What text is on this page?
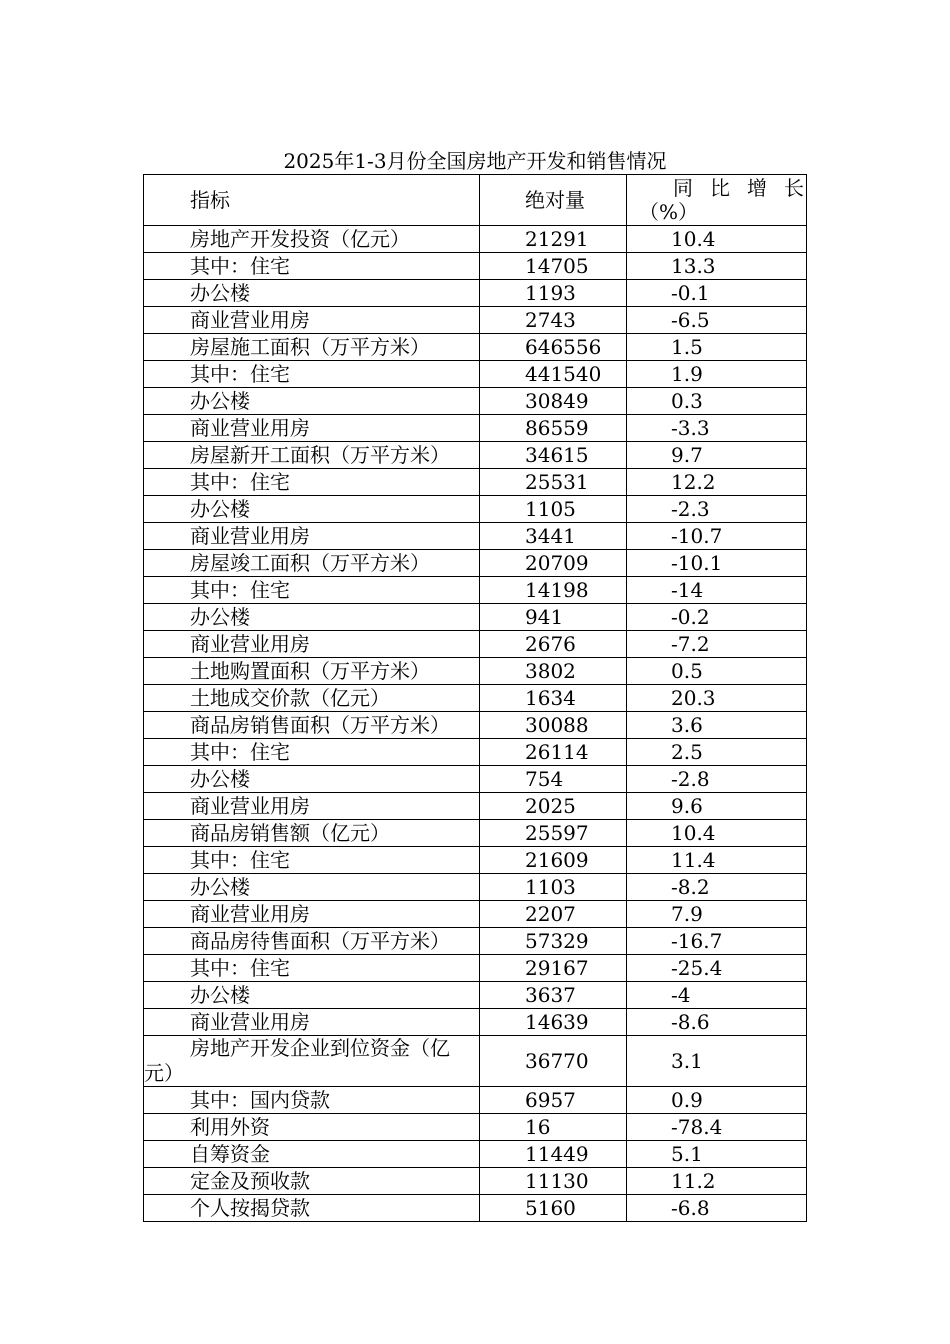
2025年1-3月份全国房地产开发和销售情况
指标	绝对量	同 比 增 长
（%）

房地产开发投资（亿元）	21291	10.4
其中：住宅	14705	13.3
办公楼	1193	-0.1
商业营业用房	2743	-6.5
房屋施工面积（万平方米）	646556	1.5
其中：住宅	441540	1.9
办公楼	30849	0.3
商业营业用房	86559	-3.3
房屋新开工面积（万平方米）	34615	9.7
其中：住宅	25531	12.2
办公楼	1105	-2.3
商业营业用房	3441	-10.7
房屋竣工面积（万平方米）	20709	-10.1
其中：住宅	14198	-14
办公楼	941	-0.2
商业营业用房	2676	-7.2
土地购置面积（万平方米）	3802	0.5
土地成交价款（亿元）	1634	20.3
商品房销售面积（万平方米）	30088	3.6
其中：住宅	26114	2.5
办公楼	754	-2.8
商业营业用房	2025	9.6
商品房销售额（亿元）	25597	10.4
其中：住宅	21609	11.4
办公楼	1103	-8.2
商业营业用房	2207	7.9
商品房待售面积（万平方米）	57329	-16.7
其中：住宅	29167	-25.4
办公楼	3637	-4
商业营业用房	14639	-8.6
房地产开发企业到位资金（亿元）	36770	3.1
其中：国内贷款	6957	0.9
利用外资	16	-78.4
自筹资金	11449	5.1
定金及预收款	11130	11.2
个人按揭贷款	5160	-6.8
